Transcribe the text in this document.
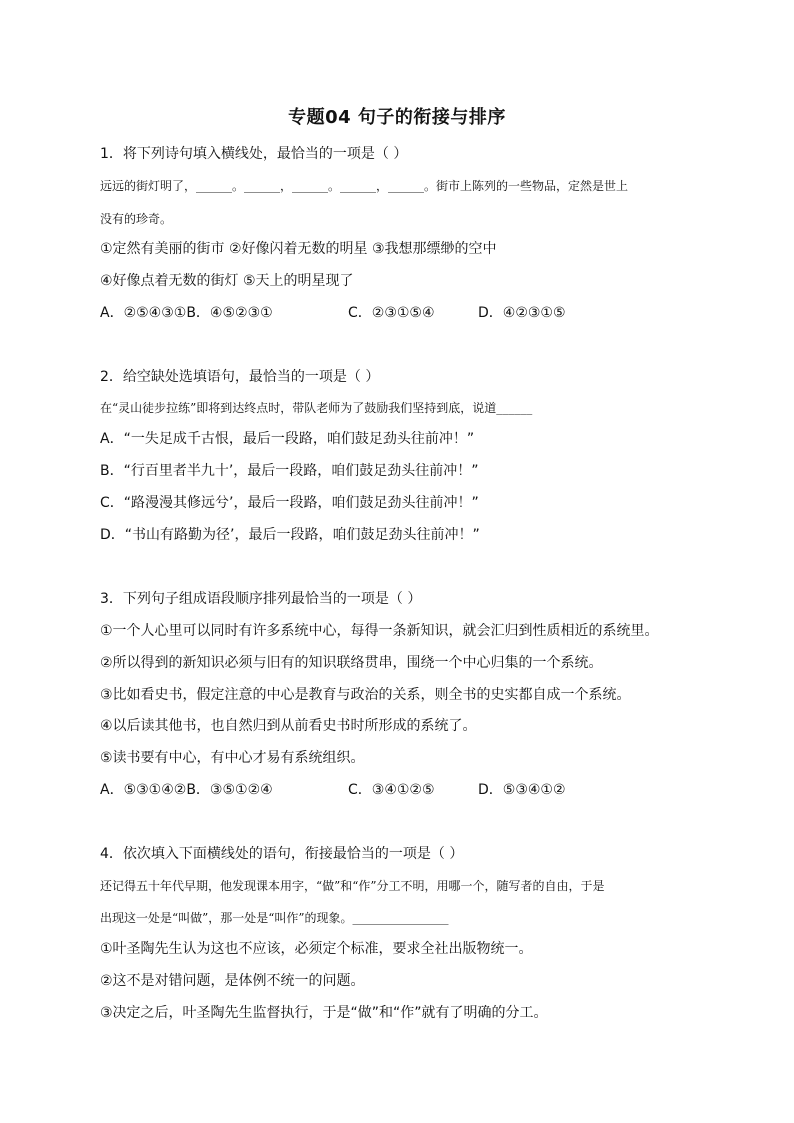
专题04 句子的衔接与排序
1．将下列诗句填入横线处，最恰当的一项是（ ）
远远的街灯明了，______。______，______。______，______。街市上陈列的一些物品，定然是世上
没有的珍奇。
①定然有美丽的街市 ②好像闪着无数的明星 ③我想那缥缈的空中
④好像点着无数的街灯 ⑤天上的明星现了
A．②⑤④③①B．④⑤②③①	C．②③①⑤④	D．④②③①⑤
2．给空缺处选填语句，最恰当的一项是（ ）
在“灵山徒步拉练”即将到达终点时，带队老师为了鼓励我们坚持到底，说道______
A．“一失足成千古恨，最后一段路，咱们鼓足劲头往前冲！”
B．“行百里者半九十’，最后一段路，咱们鼓足劲头往前冲！”
C．“路漫漫其修远兮’，最后一段路，咱们鼓足劲头往前冲！”
D．“书山有路勤为径’，最后一段路，咱们鼓足劲头往前冲！”
3．下列句子组成语段顺序排列最恰当的一项是（ ）
①一个人心里可以同时有许多系统中心，每得一条新知识，就会汇归到性质相近的系统里。
②所以得到的新知识必须与旧有的知识联络贯串，围绕一个中心归集的一个系统。
③比如看史书，假定注意的中心是教育与政治的关系，则全书的史实都自成一个系统。
④以后读其他书，也自然归到从前看史书时所形成的系统了。
⑤读书要有中心，有中心才易有系统组织。
A．⑤③①④②B．③⑤①②④	C．③④①②⑤	D．⑤③④①②
4．依次填入下面横线处的语句，衔接最恰当的一项是（ ）
还记得五十年代早期，他发现课本用字，“做”和“作”分工不明，用哪一个，随写者的自由，于是
出现这一处是“叫做”，那一处是“叫作”的现象。________________
①叶圣陶先生认为这也不应该，必须定个标准，要求全社出版物统一。
②这不是对错问题，是体例不统一的问题。
③决定之后，叶圣陶先生监督执行，于是“做”和“作”就有了明确的分工。
